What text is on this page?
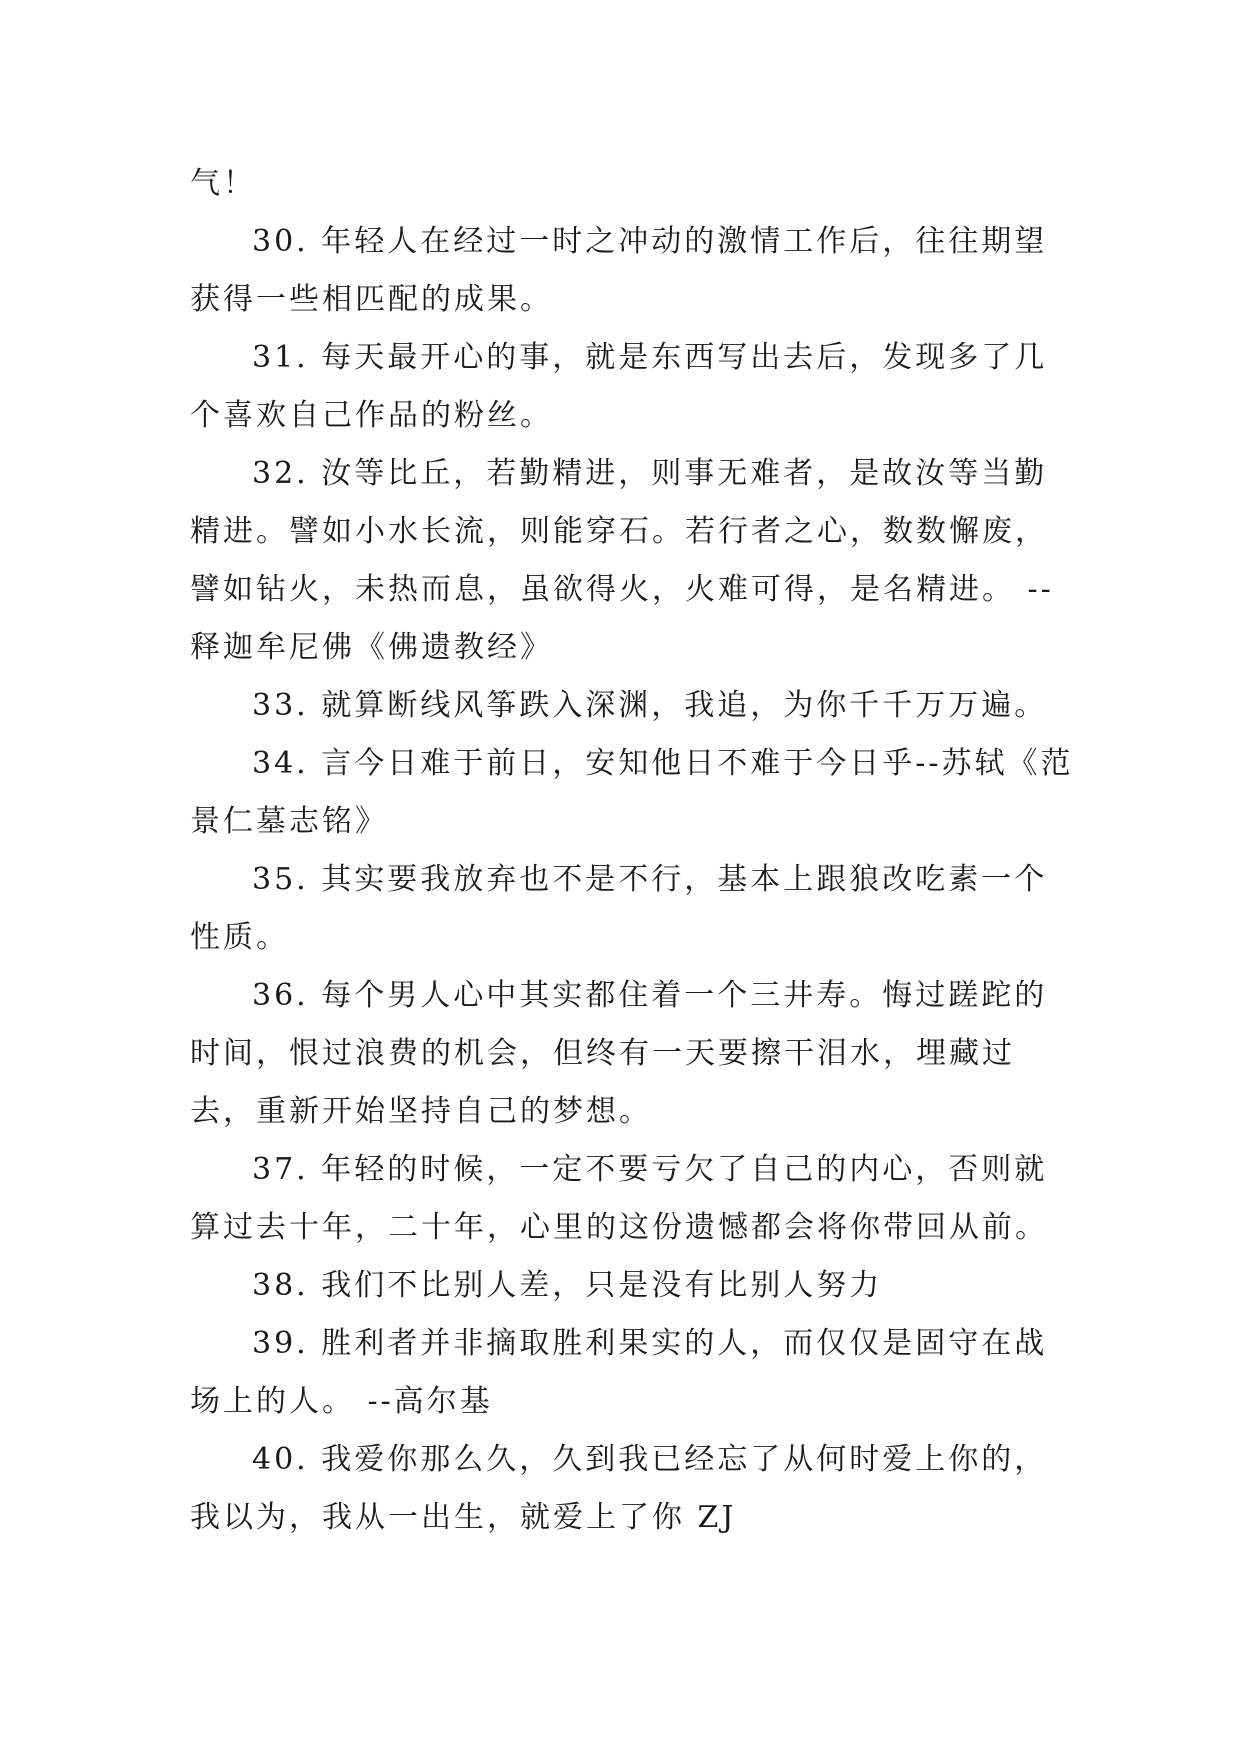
气！

30. 年轻人在经过一时之冲动的激情工作后，往往期望获得一些相匹配的成果。

31. 每天最开心的事，就是东西写出去后，发现多了几个喜欢自己作品的粉丝。

32. 汝等比丘，若勤精进，则事无难者，是故汝等当勤精进。譬如小水长流，则能穿石。若行者之心，数数懈废，譬如钻火，未热而息，虽欲得火，火难可得，是名精进。 --释迦牟尼佛《佛遗教经》

33. 就算断线风筝跌入深渊，我追，为你千千万万遍。

34. 言今日难于前日，安知他日不难于今日乎--苏轼《范景仁墓志铭》

35. 其实要我放弃也不是不行，基本上跟狼改吃素一个性质。

36. 每个男人心中其实都住着一个三井寿。悔过蹉跎的时间，恨过浪费的机会，但终有一天要擦干泪水，埋藏过去，重新开始坚持自己的梦想。

37. 年轻的时候，一定不要亏欠了自己的内心，否则就算过去十年，二十年，心里的这份遗憾都会将你带回从前。

38. 我们不比别人差，只是没有比别人努力

39. 胜利者并非摘取胜利果实的人，而仅仅是固守在战场上的人。 --高尔基

40. 我爱你那么久，久到我已经忘了从何时爱上你的，我以为，我从一出生，就爱上了你 ZJ
